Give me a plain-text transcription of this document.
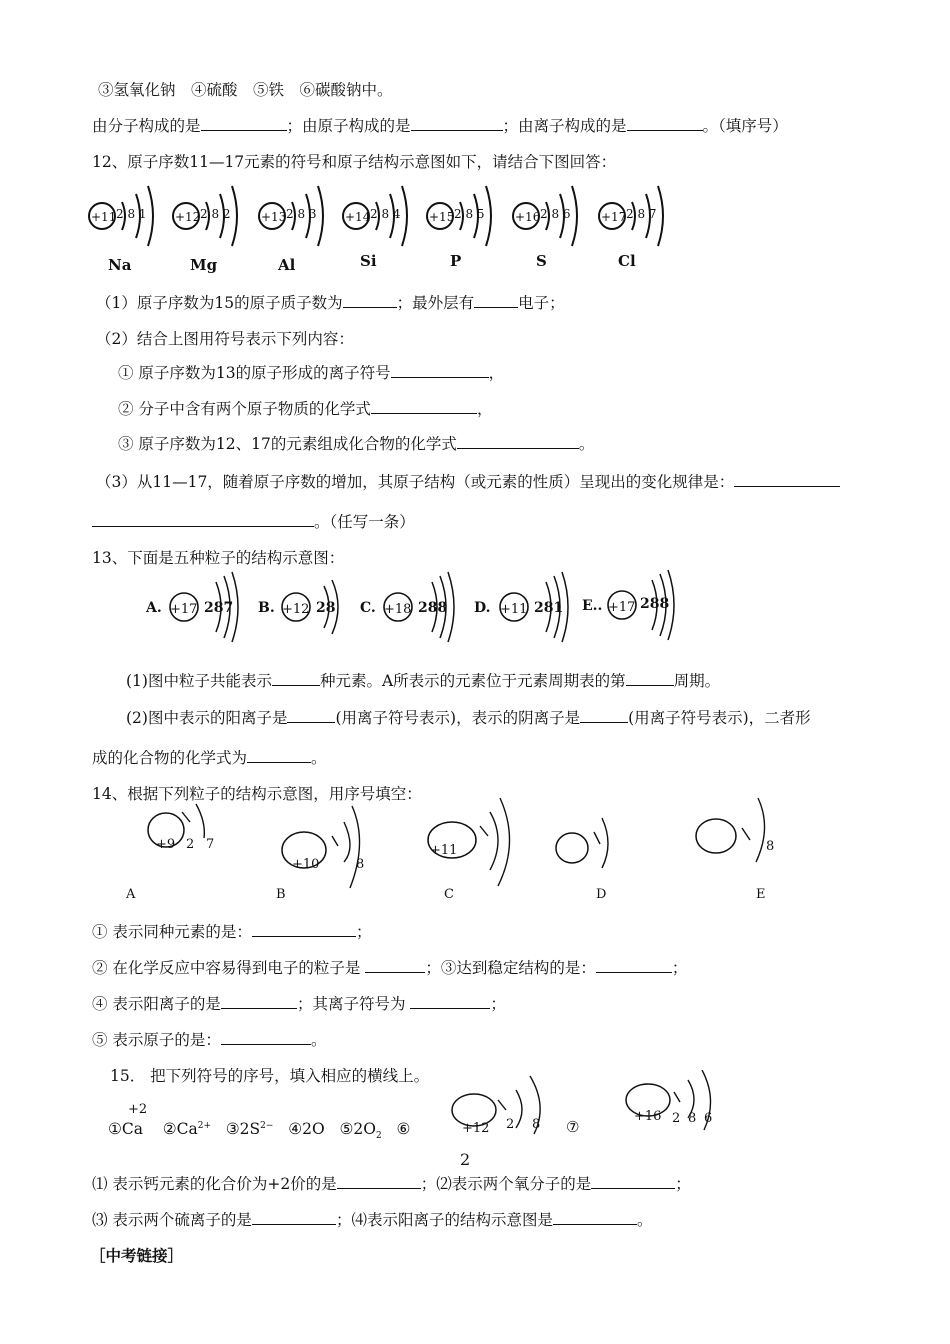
③氢氧化钠　④硫酸　⑤铁　⑥碳酸钠中。
由分子构成的是	；由原子构成的是	；由离子构成的是	。（填序号）
12、原子序数11—17元素的符号和原子结构示意图如下，请结合下图回答：
+11 2 8 1
Na
+12 2 8 2
Mg
+13 2 8 3
Al
+14 2 8 4
Si
+15 2 8 5
P
+16 2 8 6
S
+17 2 8 7
Cl
（1）原子序数为15的原子质子数为	；最外层有	电子；
（2）结合上图用符号表示下列内容：
① 原子序数为13的原子形成的离子符号	，
② 分子中含有两个原子物质的化学式	，
③ 原子序数为12、17的元素组成化合物的化学式	。
（3）从11—17，随着原子序数的增加，其原子结构（或元素的性质）呈现出的变化规律是：
。（任写一条）
13、下面是五种粒子的结构示意图：
A. +17 287 B. +12 28 C. +18 288 D. +11 281 E.. +17 288
(1)图中粒子共能表示	种元素。A所表示的元素位于元素周期表的第	周期。
(2)图中表示的阳离子是	(用离子符号表示)，表示的阴离子是	(用离子符号表示)，二者形
成的化合物的化学式为	。
14、根据下列粒子的结构示意图，用序号填空：
+9 2 7
A
+10	8
B
+11
C	D
8
E
① 表示同种元素的是：	；
② 在化学反应中容易得到电子的粒子是	；③达到稳定结构的是：	；
④ 表示阳离子的是	；其离子符号为	；
⑤ 表示原子的是：	。
15． 把下列符号的序号，填入相应的横线上。
+2
①Ca $②Ca^{2+}$ $③2S^{2-}$ ④2O $⑤2O_2$ ⑥	+12 2 8 ⑦
+16 2 8 6
2
⑴ 表示钙元素的化合价为+2价的是	；⑵表示两个氧分子的是	；
⑶ 表示两个硫离子的是	；⑷表示阳离子的结构示意图是	。
［中考链接］
